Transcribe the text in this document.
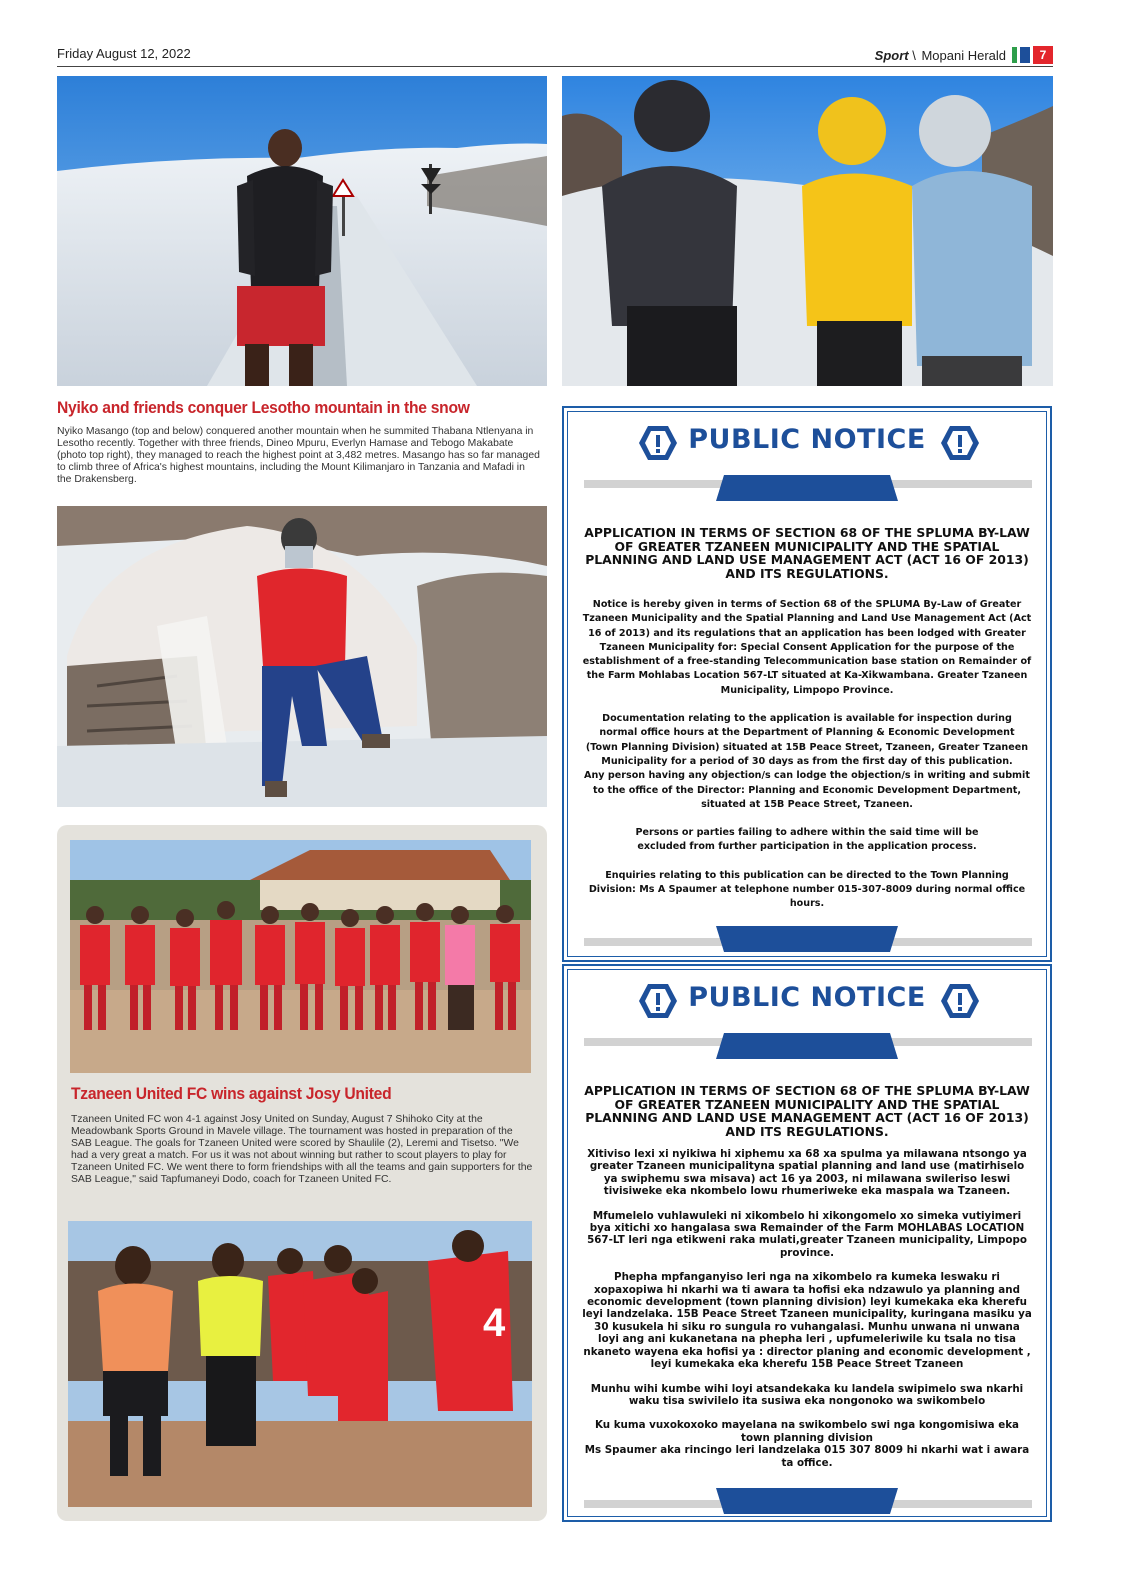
Friday August 12, 2022	Sport \ Mopani Herald	7
Nyiko and friends conquer Lesotho mountain in the snow
Nyiko Masango (top and below) conquered another mountain when he summited Thabana Ntlenyana in Lesotho recently. Together with three friends, Dineo Mpuru, Everlyn Hamase and Tebogo Makabate (photo top right), they managed to reach the highest point at 3,482 metres. Masango has so far managed to climb three of Africa's highest mountains, including the Mount Kilimanjaro in Tanzania and Mafadi in the Drakensberg.
Tzaneen United FC wins against Josy United
Tzaneen United FC won 4-1 against Josy United on Sunday, August 7 Shihoko City at the Meadowbank Sports Ground in Mavele village. The tournament was hosted in preparation of the SAB League. The goals for Tzaneen United were scored by Shaulile (2), Leremi and Tisetso. "We had a very great a match. For us it was not about winning but rather to scout players to play for Tzaneen United FC. We went there to form friendships with all the teams and gain supporters for the SAB League," said Tapfumaneyi Dodo, coach for Tzaneen United FC.
4
PUBLIC NOTICE
APPLICATION IN TERMS OF SECTION 68 OF THE SPLUMA BY-LAW OF GREATER TZANEEN MUNICIPALITY AND THE SPATIAL PLANNING AND LAND USE MANAGEMENT ACT (ACT 16 OF 2013) AND ITS REGULATIONS.

Notice is hereby given in terms of Section 68 of the SPLUMA By-Law of Greater Tzaneen Municipality and the Spatial Planning and Land Use Management Act (Act 16 of 2013) and its regulations that an application has been lodged with Greater Tzaneen Municipality for: Special Consent Application for the purpose of the establishment of a free-standing Telecommunication base station on Remainder of the Farm Mohlabas Location 567-LT situated at Ka-Xikwambana. Greater Tzaneen Municipality, Limpopo Province.

Documentation relating to the application is available for inspection during normal office hours at the Department of Planning & Economic Development (Town Planning Division) situated at 15B Peace Street, Tzaneen, Greater Tzaneen Municipality for a period of 30 days as from the first day of this publication.

Any person having any objection/s can lodge the objection/s in writing and submit to the office of the Director: Planning and Economic Development Department, situated at 15B Peace Street, Tzaneen.

Persons or parties failing to adhere within the said time will be excluded from further participation in the application process.

Enquiries relating to this publication can be directed to the Town Planning Division: Ms A Spaumer at telephone number 015-307-8009 during normal office hours.

PUBLIC NOTICE
APPLICATION IN TERMS OF SECTION 68 OF THE SPLUMA BY-LAW OF GREATER TZANEEN MUNICIPALITY AND THE SPATIAL PLANNING AND LAND USE MANAGEMENT ACT (ACT 16 OF 2013) AND ITS REGULATIONS.

Xitiviso lexi xi nyikiwa hi xiphemu xa 68 xa spulma ya milawana ntsongo ya greater Tzaneen municipalityna spatial planning and land use (matirhiselo ya swiphemu swa misava) act 16 ya 2003, ni milawana swileriso leswi tivisiweke eka nkombelo lowu rhumeriweke eka maspala wa Tzaneen.

Mfumelelo vuhlawuleki ni xikombelo hi xikongomelo xo simeka vutiyimeri bya xitichi xo hangalasa swa Remainder of the Farm MOHLABAS LOCATION 567-LT leri nga etikweni raka mulati,greater Tzaneen municipality, Limpopo province.

Phepha mpfanganyiso leri nga na xikombelo ra kumeka leswaku ri xopaxopiwa hi nkarhi wa ti awara ta hofisi eka ndzawulo ya planning and economic development (town planning division) leyi kumekaka eka kherefu leyi landzelaka. 15B Peace Street Tzaneen municipality, kuringana masiku ya 30 kusukela hi siku ro sungula ro vuhangalasi. Munhu unwana ni unwana loyi ang ani kukanetana na phepha leri , upfumeleriwile ku tsala no tisa nkaneto wayena eka hofisi ya : director planing and economic development , leyi kumekaka eka kherefu 15B Peace Street Tzaneen

Munhu wihi kumbe wihi loyi atsandekaka ku landela swipimelo swa nkarhi waku tisa swivilelo ita susiwa eka nongonoko wa swikombelo

Ku kuma vuxokoxoko mayelana na swikombelo swi nga kongomisiwa eka town planning division

Ms Spaumer aka rincingo leri landzelaka 015 307 8009 hi nkarhi wat i awara ta office.
